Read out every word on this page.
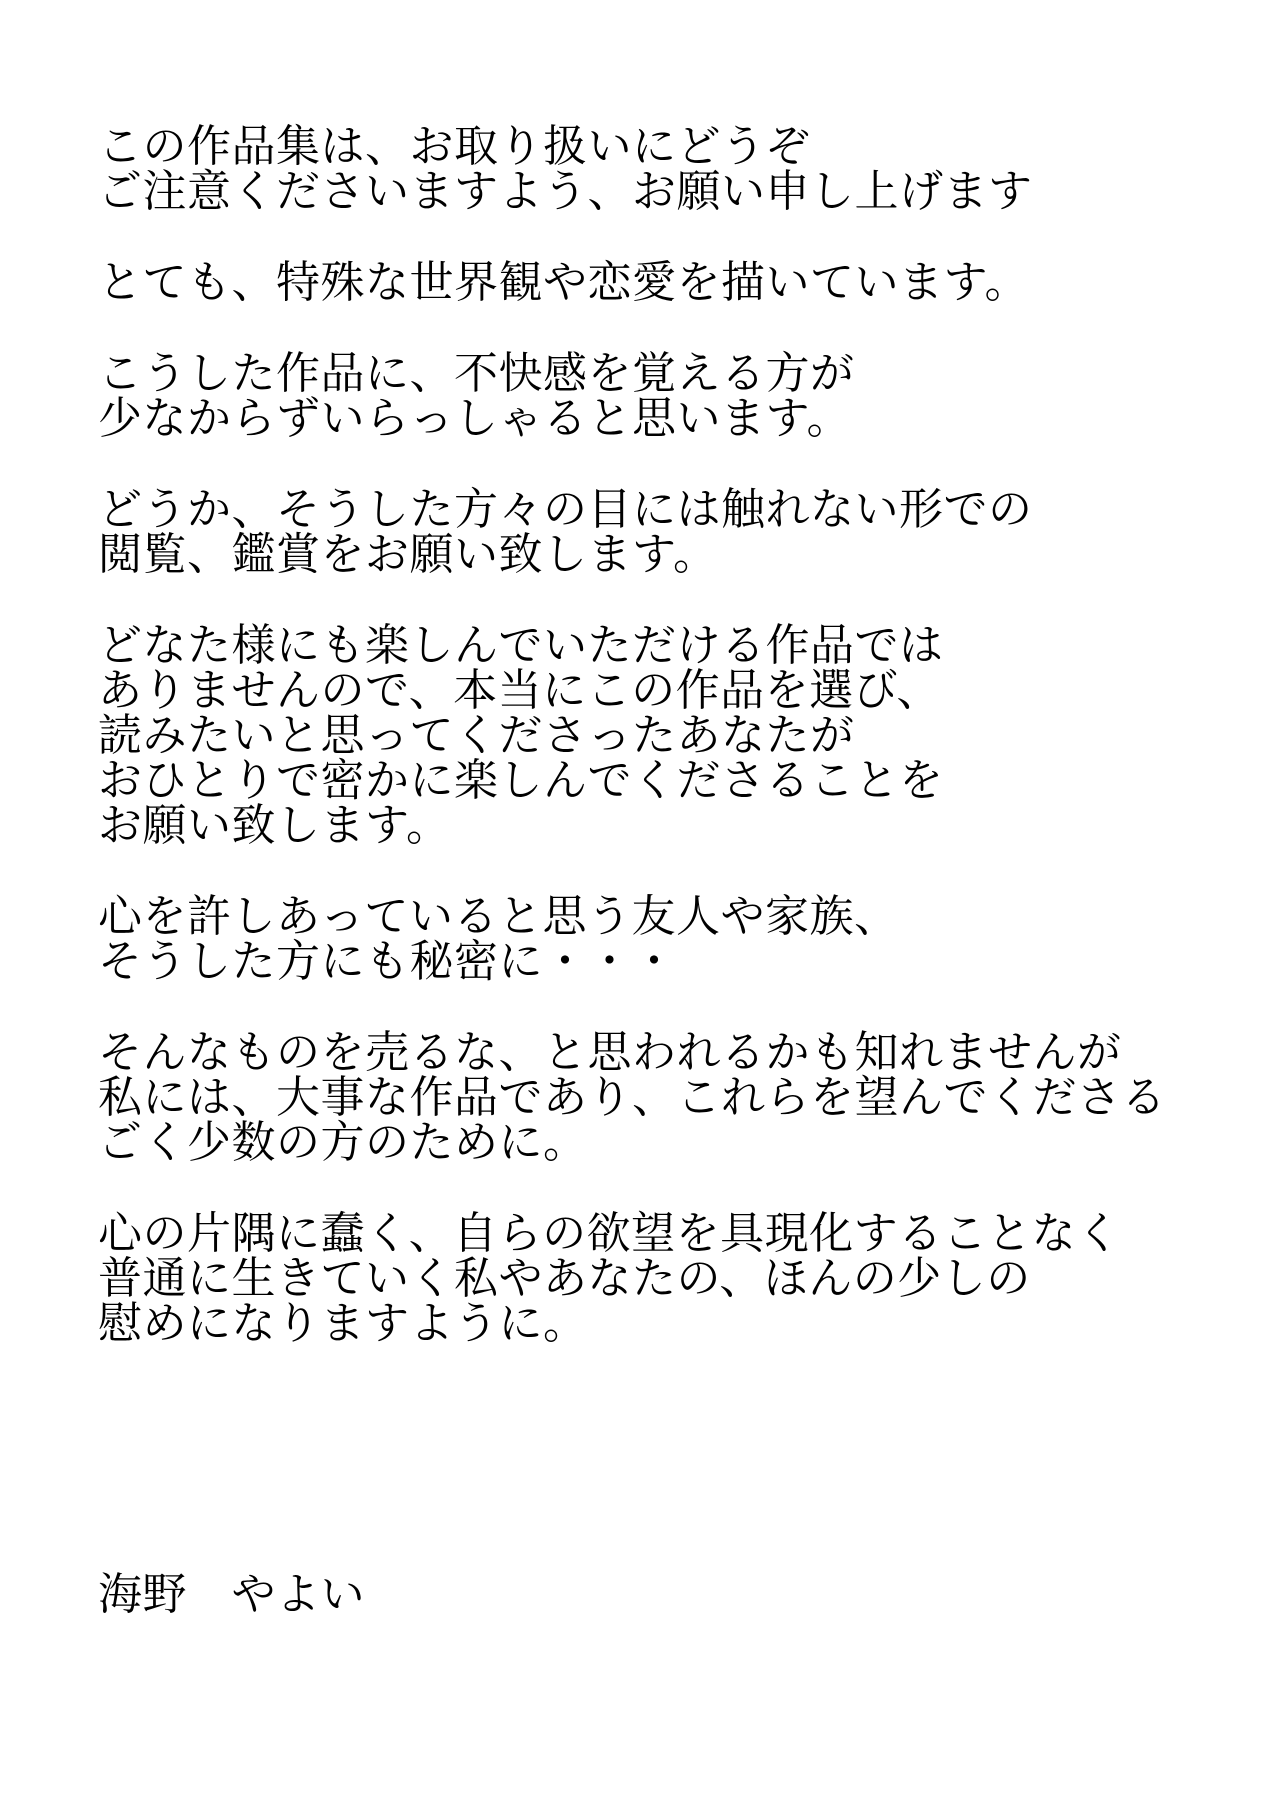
この作品集は、お取り扱いにどうぞ
ご注意くださいますよう、お願い申し上げます
とても、特殊な世界観や恋愛を描いています。
こうした作品に、不快感を覚える方が
少なからずいらっしゃると思います。
どうか、そうした方々の目には触れない形での
閲覧、鑑賞をお願い致します。
どなた様にも楽しんでいただける作品では
ありませんので、本当にこの作品を選び、
読みたいと思ってくださったあなたが
おひとりで密かに楽しんでくださることを
お願い致します。
心を許しあっていると思う友人や家族、
そうした方にも秘密に・・・
そんなものを売るな、と思われるかも知れませんが
私には、大事な作品であり、これらを望んでくださる
ごく少数の方のために。
心の片隅に蠢く、自らの欲望を具現化することなく
普通に生きていく私やあなたの、ほんの少しの
慰めになりますように。
海野　やよい
